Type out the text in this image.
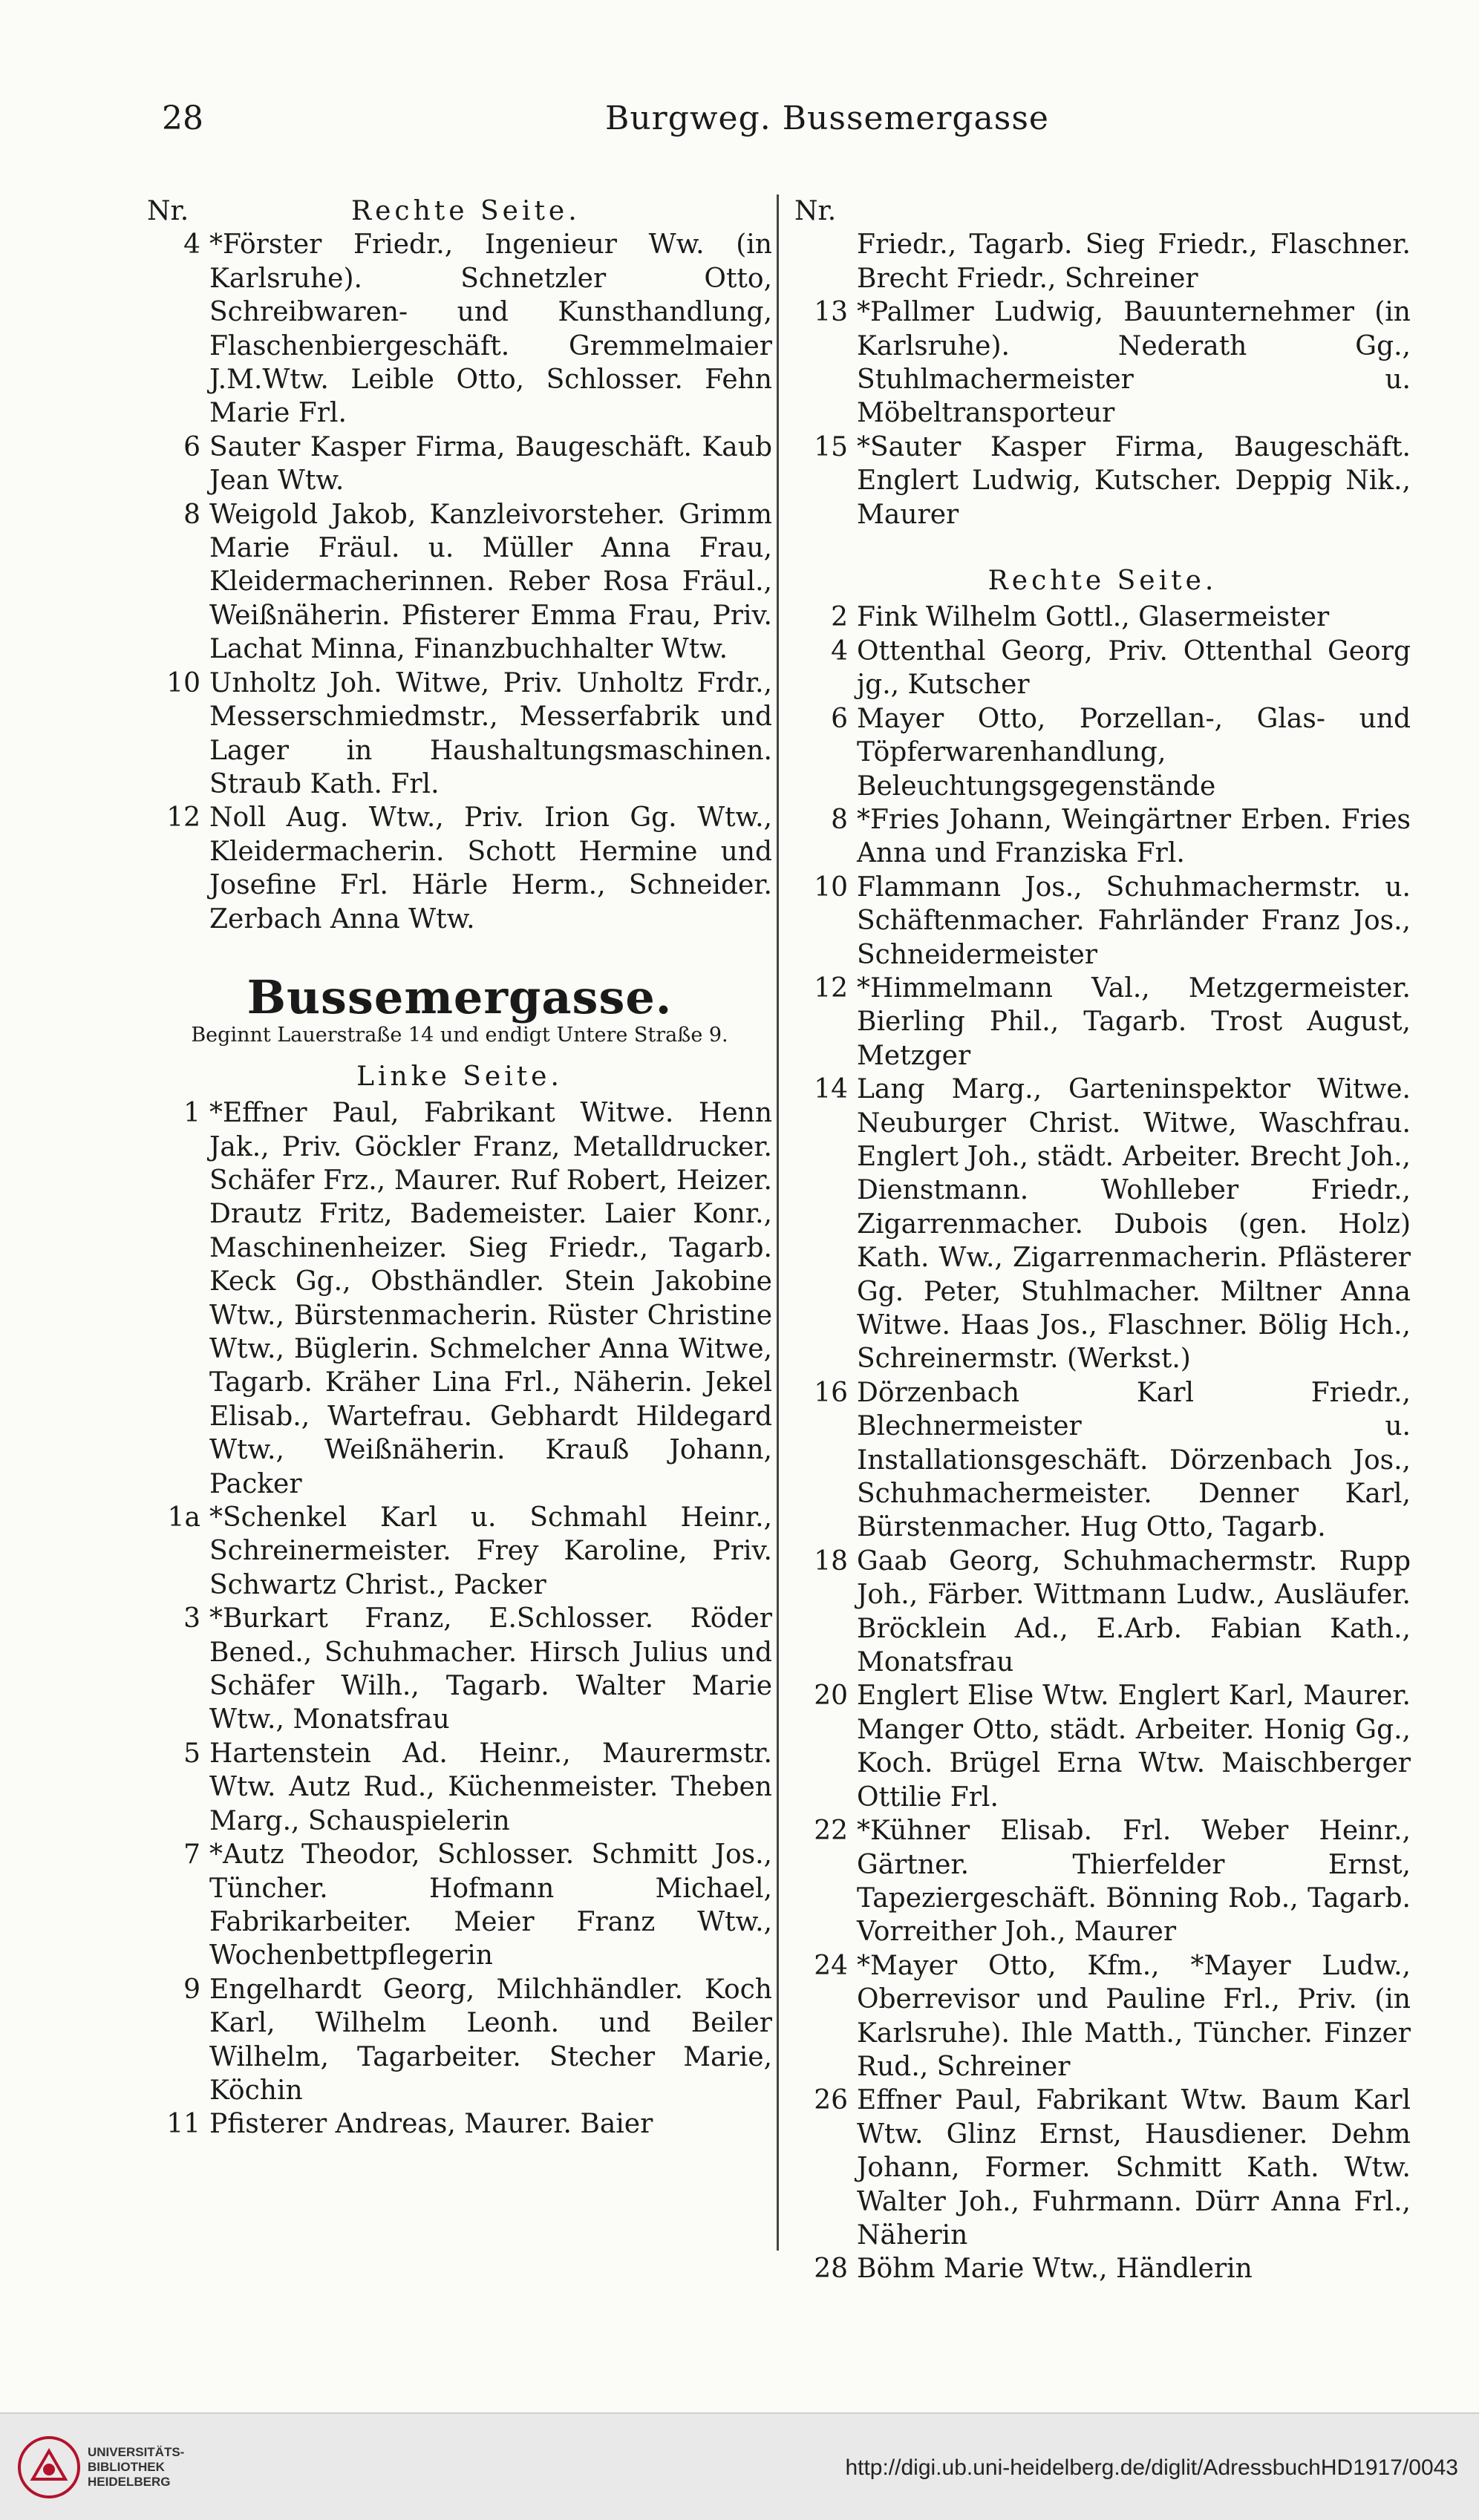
28	Burgweg. Bussemergasse
Nr.	Rechte Seite.
4 *Förster Friedr., Ingenieur Ww. (in Karlsruhe). Schnetzler Otto, Schreibwaren- und Kunsthandlung, Flaschenbiergeschäft. Gremmelmaier J.M.Wtw. Leible Otto, Schlosser. Fehn Marie Frl.
6 Sauter Kasper Firma, Baugeschäft. Kaub Jean Wtw.
8 Weigold Jakob, Kanzleivorsteher. Grimm Marie Fräul. u. Müller Anna Frau, Kleidermacherinnen. Reber Rosa Fräul., Weißnäherin. Pfisterer Emma Frau, Priv. Lachat Minna, Finanzbuchhalter Wtw.
10 Unholtz Joh. Witwe, Priv. Unholtz Frdr., Messerschmiedmstr., Messerfabrik und Lager in Haushaltungsmaschinen. Straub Kath. Frl.
12 Noll Aug. Wtw., Priv. Irion Gg. Wtw., Kleidermacherin. Schott Hermine und Josefine Frl. Härle Herm., Schneider. Zerbach Anna Wtw.
Bussemergasse.
Beginnt Lauerstraße 14 und endigt Untere Straße 9.
Linke Seite.
1 *Effner Paul, Fabrikant Witwe. Henn Jak., Priv. Göckler Franz, Metalldrucker. Schäfer Frz., Maurer. Ruf Robert, Heizer. Drautz Fritz, Bademeister. Laier Konr., Maschinenheizer. Sieg Friedr., Tagarb. Keck Gg., Obsthändler. Stein Jakobine Wtw., Bürstenmacherin. Rüster Christine Wtw., Büglerin. Schmelcher Anna Witwe, Tagarb. Kräher Lina Frl., Näherin. Jekel Elisab., Wartefrau. Gebhardt Hildegard Wtw., Weißnäherin. Krauß Johann, Packer
1a *Schenkel Karl u. Schmahl Heinr., Schreinermeister. Frey Karoline, Priv. Schwartz Christ., Packer
3 *Burkart Franz, E.Schlosser. Röder Bened., Schuhmacher. Hirsch Julius und Schäfer Wilh., Tagarb. Walter Marie Wtw., Monatsfrau
5 Hartenstein Ad. Heinr., Maurermstr. Wtw. Autz Rud., Küchenmeister. Theben Marg., Schauspielerin
7 *Autz Theodor, Schlosser. Schmitt Jos., Tüncher. Hofmann Michael, Fabrikarbeiter. Meier Franz Wtw., Wochenbettpflegerin
9 Engelhardt Georg, Milchhändler. Koch Karl, Wilhelm Leonh. und Beiler Wilhelm, Tagarbeiter. Stecher Marie, Köchin
11 Pfisterer Andreas, Maurer. Baier
Nr.
Friedr., Tagarb. Sieg Friedr., Flaschner. Brecht Friedr., Schreiner
13 *Pallmer Ludwig, Bauunternehmer (in Karlsruhe). Nederath Gg., Stuhlmachermeister u. Möbeltransporteur
15 *Sauter Kasper Firma, Baugeschäft. Englert Ludwig, Kutscher. Deppig Nik., Maurer
Rechte Seite.
2 Fink Wilhelm Gottl., Glasermeister
4 Ottenthal Georg, Priv. Ottenthal Georg jg., Kutscher
6 Mayer Otto, Porzellan-, Glas- und Töpferwarenhandlung, Beleuchtungsgegenstände
8 *Fries Johann, Weingärtner Erben. Fries Anna und Franziska Frl.
10 Flammann Jos., Schuhmachermstr. u. Schäftenmacher. Fahrländer Franz Jos., Schneidermeister
12 *Himmelmann Val., Metzgermeister. Bierling Phil., Tagarb. Trost August, Metzger
14 Lang Marg., Garteninspektor Witwe. Neuburger Christ. Witwe, Waschfrau. Englert Joh., städt. Arbeiter. Brecht Joh., Dienstmann. Wohlleber Friedr., Zigarrenmacher. Dubois (gen. Holz) Kath. Ww., Zigarrenmacherin. Pflästerer Gg. Peter, Stuhlmacher. Miltner Anna Witwe. Haas Jos., Flaschner. Bölig Hch., Schreinermstr. (Werkst.)
16 Dörzenbach Karl Friedr., Blechnermeister u. Installationsgeschäft. Dörzenbach Jos., Schuhmachermeister. Denner Karl, Bürstenmacher. Hug Otto, Tagarb.
18 Gaab Georg, Schuhmachermstr. Rupp Joh., Färber. Wittmann Ludw., Ausläufer. Bröcklein Ad., E.Arb. Fabian Kath., Monatsfrau
20 Englert Elise Wtw. Englert Karl, Maurer. Manger Otto, städt. Arbeiter. Honig Gg., Koch. Brügel Erna Wtw. Maischberger Ottilie Frl.
22 *Kühner Elisab. Frl. Weber Heinr., Gärtner. Thierfelder Ernst, Tapeziergeschäft. Bönning Rob., Tagarb. Vorreither Joh., Maurer
24 *Mayer Otto, Kfm., *Mayer Ludw., Oberrevisor und Pauline Frl., Priv. (in Karlsruhe). Ihle Matth., Tüncher. Finzer Rud., Schreiner
26 Effner Paul, Fabrikant Wtw. Baum Karl Wtw. Glinz Ernst, Hausdiener. Dehm Johann, Former. Schmitt Kath. Wtw. Walter Joh., Fuhrmann. Dürr Anna Frl., Näherin
28 Böhm Marie Wtw., Händlerin
UNIVERSITÄTS-
BIBLIOTHEK
HEIDELBERG
http://digi.ub.uni-heidelberg.de/diglit/AdressbuchHD1917/0043
